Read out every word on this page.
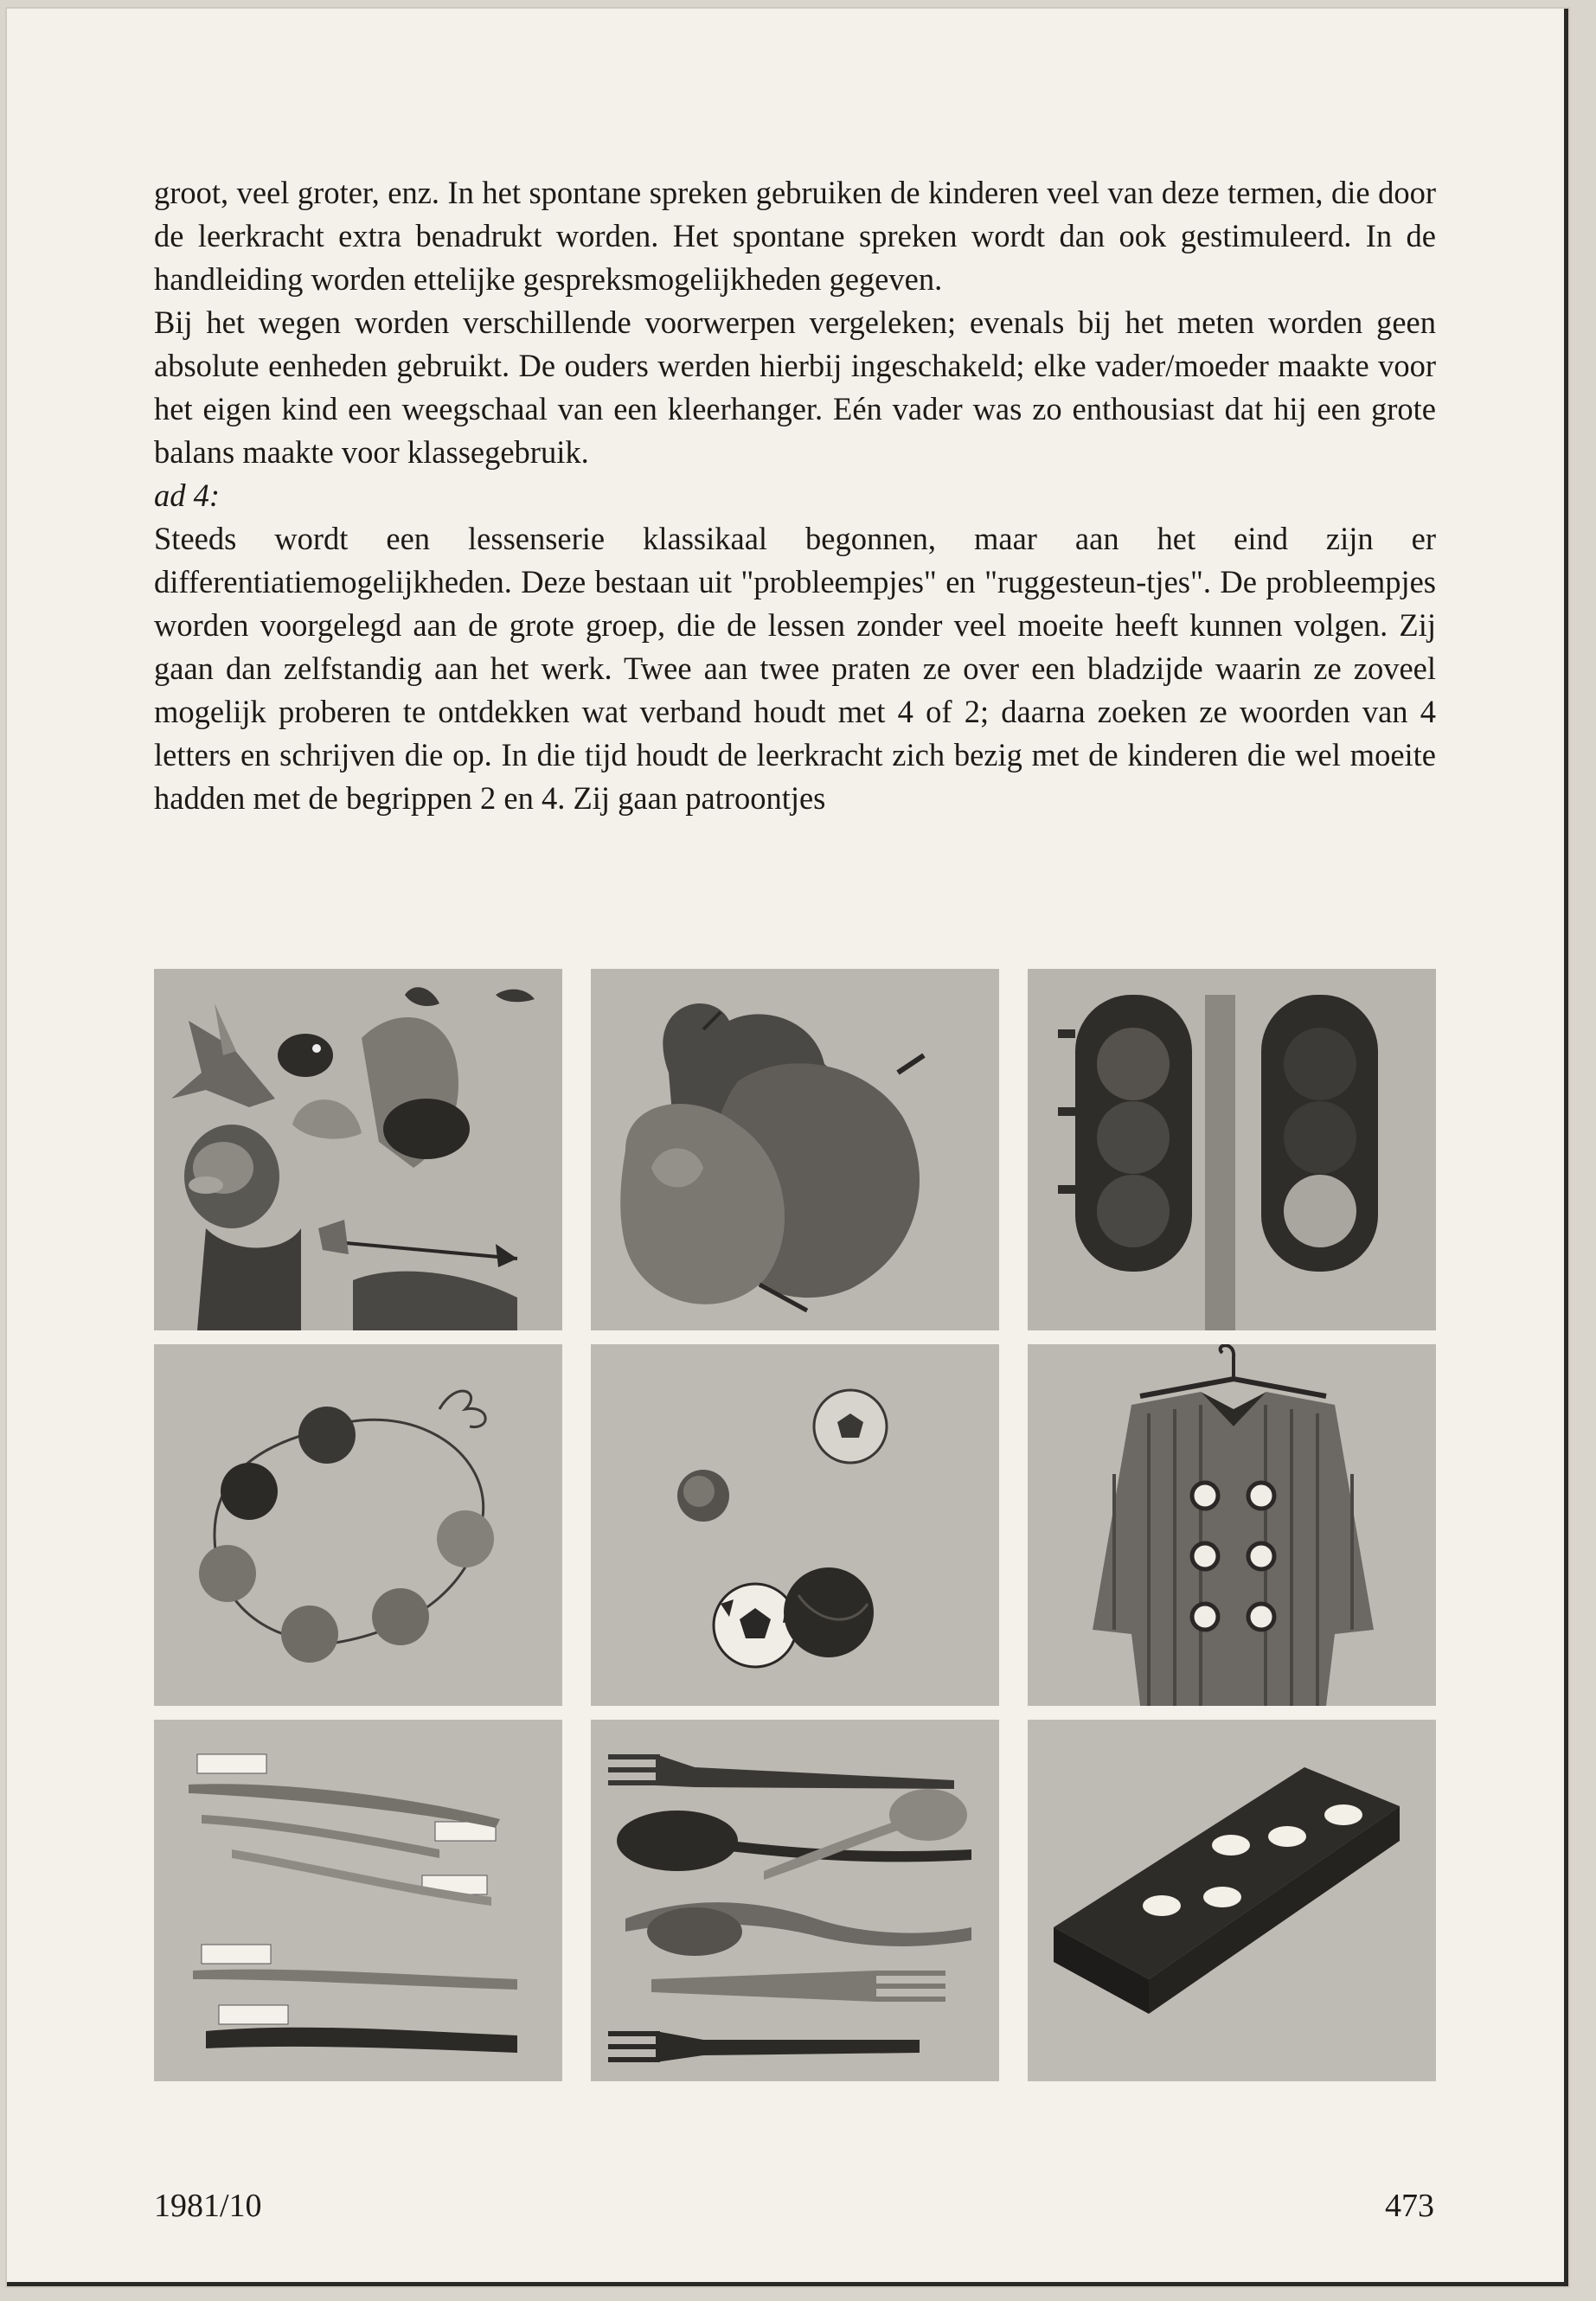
groot, veel groter, enz. In het spontane spreken gebruiken de kinderen veel van deze termen, die door de leerkracht extra benadrukt worden. Het spontane spreken wordt dan ook gestimuleerd. In de handleiding worden ettelijke gespreksmogelijkheden gegeven.

Bij het wegen worden verschillende voorwerpen vergeleken; evenals bij het meten worden geen absolute eenheden gebruikt. De ouders werden hierbij ingeschakeld; elke vader/moeder maakte voor het eigen kind een weegschaal van een kleerhanger. Eén vader was zo enthousiast dat hij een grote balans maakte voor klassegebruik.

ad 4:

Steeds wordt een lessenserie klassikaal begonnen, maar aan het eind zijn er differentiatiemogelijkheden. Deze bestaan uit "probleempjes" en "ruggesteun-tjes". De probleempjes worden voorgelegd aan de grote groep, die de lessen zonder veel moeite heeft kunnen volgen. Zij gaan dan zelfstandig aan het werk. Twee aan twee praten ze over een bladzijde waarin ze zoveel mogelijk proberen te ontdekken wat verband houdt met 4 of 2; daarna zoeken ze woorden van 4 letters en schrijven die op. In die tijd houdt de leerkracht zich bezig met de kinderen die wel moeite hadden met de begrippen 2 en 4. Zij gaan patroontjes

1981/10	473
